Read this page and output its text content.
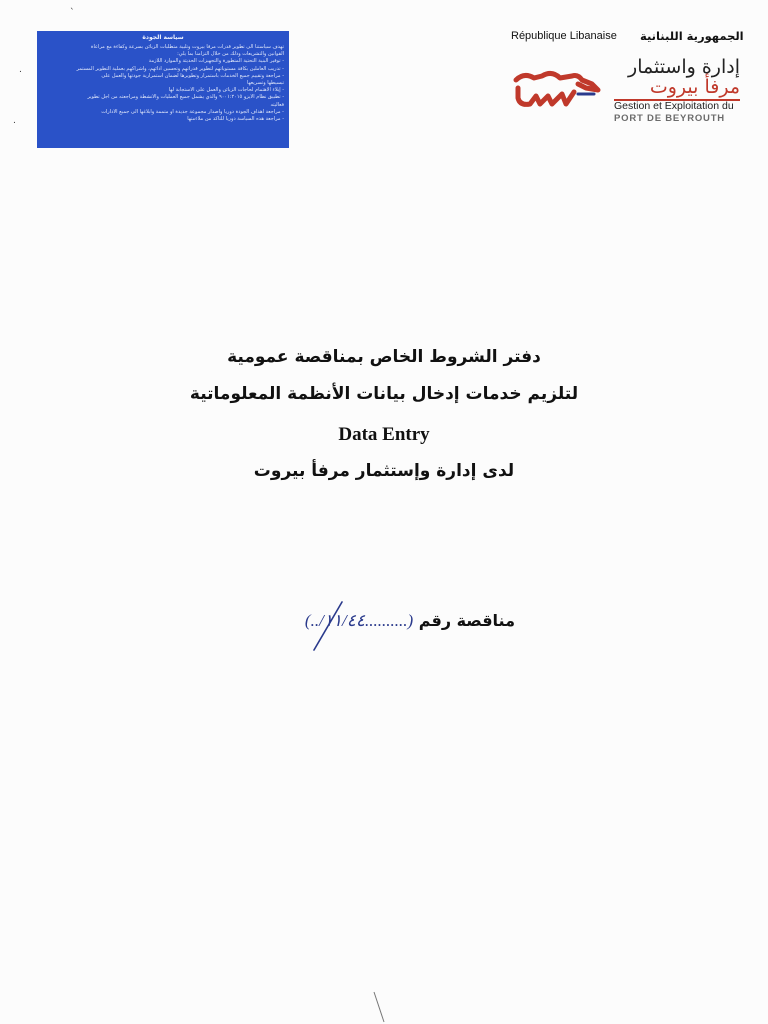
ˋ
.
.
سياسة الجودة
تهدف سياستنا الى تطوير قدرات مرفأ بيروت وتلبية متطلبات الزبائن بسرعة وكفاءة مع مراعاة
القوانين والتشريعات وذلك من خلال التزامنا بما يلي:
- توفير البنية التحتية المتطورة والتجهيزات الحديثة والموارد اللازمة
- تدريب العاملين بكافة مستوياتهم لتطوير قدراتهم وتحسين أدائهم، واشراكهم بعملية التطوير المستمر
- مراجعة وتقييم جميع الخدمات باستمرار وتطويرها لضمان استمرارية جودتها والعمل على
تبسيطها وتسريعها
- إيلاء الاهتمام لحاجات الزبائن والعمل على الاستجابة لها
- تطبيق نظام الايزو ٩٠٠١:٢٠١٥ والذي يشمل جميع العمليات والأنشطة ومراجعته من أجل تطوير
فعاليته
- مراجعة أهداف الجودة دوريا واصدار مجموعة جديدة او متممة وابلاغها الى جميع الادارات
- مراجعة هذه السياسة دوريا للتأكد من ملاءمتها
République Libanaise الجمهورية اللبنانية
إدارة واستثمار
مرفأ بيروت
Gestion et Exploitation du
PORT DE BEYROUTH
دفتر الشروط الخاص بمناقصة عمومية
لتلزيم خدمات إدخال بيانات الأنظمة المعلوماتية
Data Entry
لدى إدارة وإستثمار مرفأ بيروت
مناقصة رقم (..........١١/٤٤/..)
